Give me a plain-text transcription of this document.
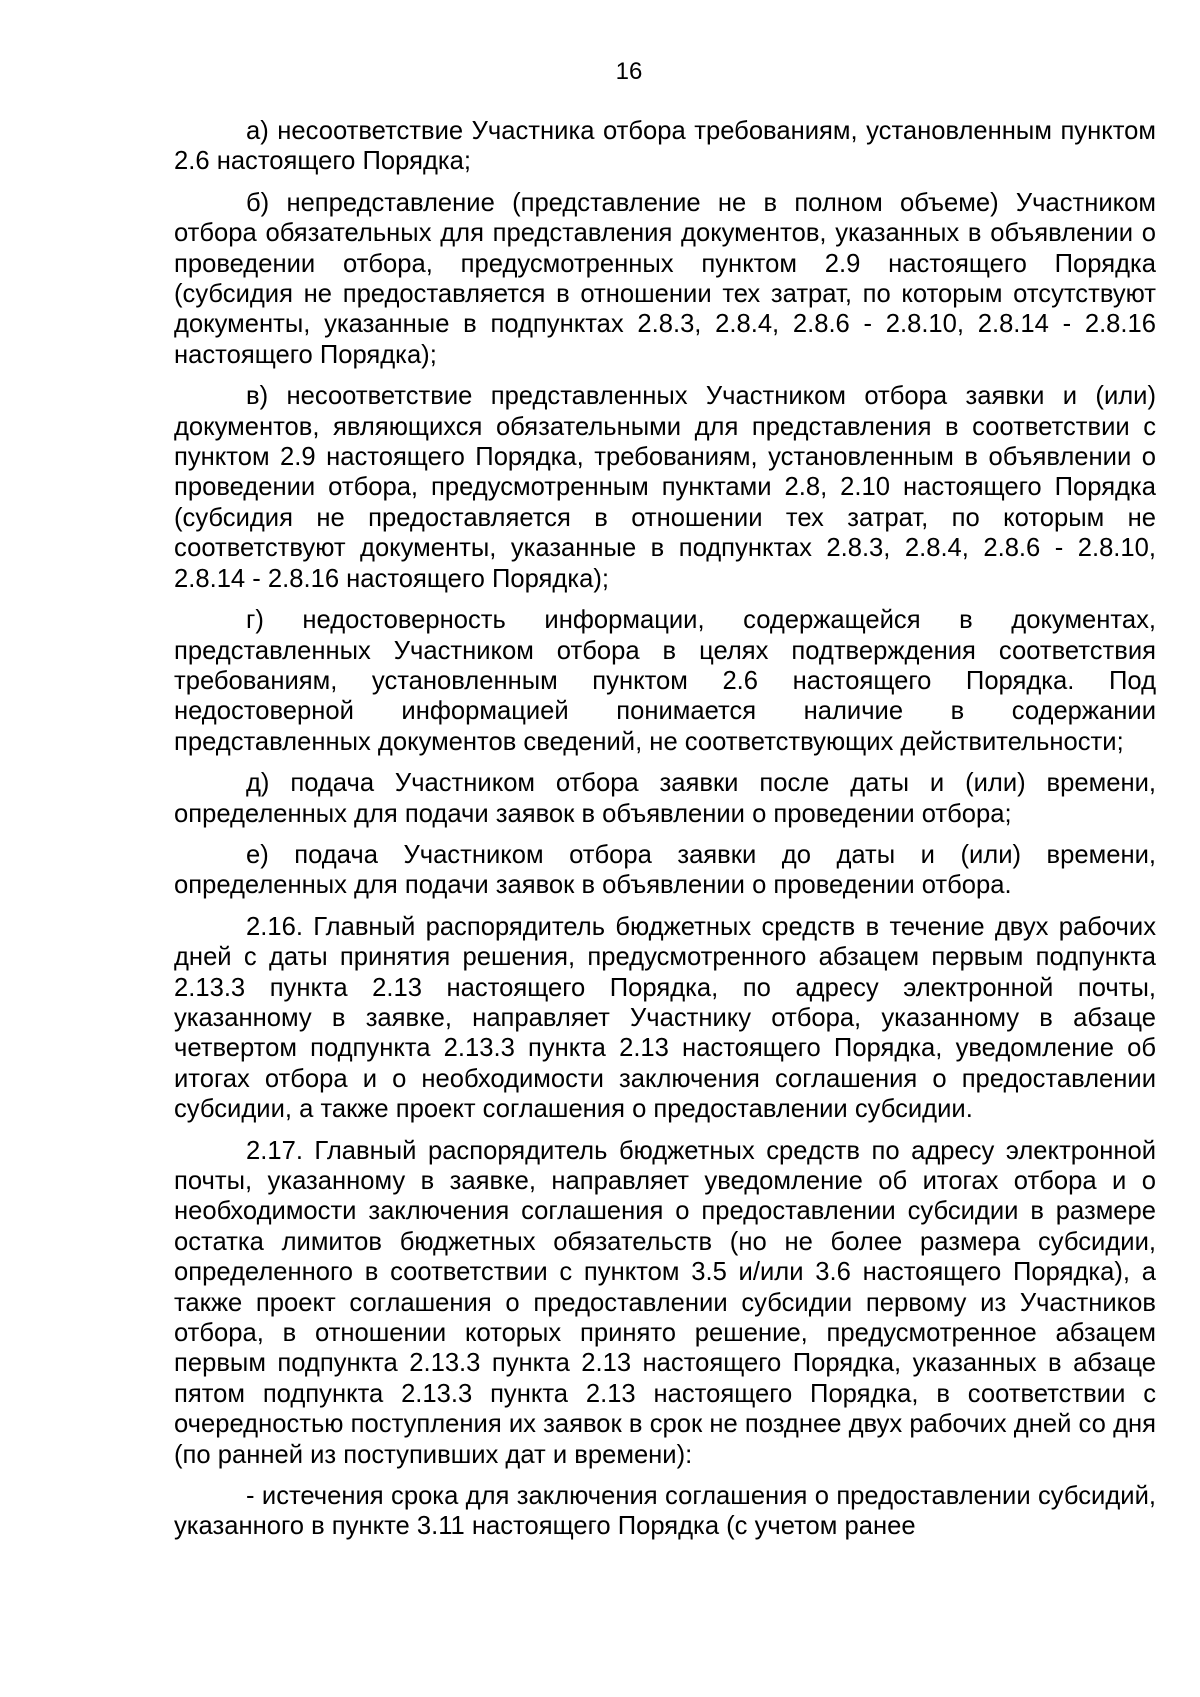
16

а) несоответствие Участника отбора требованиям, установленным пунктом 2.6 настоящего Порядка;

б) непредставление (представление не в полном объеме) Участником отбора обязательных для представления документов, указанных в объявлении о проведении отбора, предусмотренных пунктом 2.9 настоящего Порядка (субсидия не предоставляется в отношении тех затрат, по которым отсутствуют документы, указанные в подпунктах 2.8.3, 2.8.4, 2.8.6 - 2.8.10, 2.8.14 - 2.8.16 настоящего Порядка);

в) несоответствие представленных Участником отбора заявки и (или) документов, являющихся обязательными для представления в соответствии с пунктом 2.9 настоящего Порядка, требованиям, установленным в объявлении о проведении отбора, предусмотренным пунктами 2.8, 2.10 настоящего Порядка (субсидия не предоставляется в отношении тех затрат, по которым не соответствуют документы, указанные в подпунктах 2.8.3, 2.8.4, 2.8.6 - 2.8.10, 2.8.14 - 2.8.16 настоящего Порядка);

г) недостоверность информации, содержащейся в документах, представленных Участником отбора в целях подтверждения соответствия требованиям, установленным пунктом 2.6 настоящего Порядка. Под недостоверной информацией понимается наличие в содержании представленных документов сведений, не соответствующих действительности;

д) подача Участником отбора заявки после даты и (или) времени, определенных для подачи заявок в объявлении о проведении отбора;

е) подача Участником отбора заявки до даты и (или) времени, определенных для подачи заявок в объявлении о проведении отбора.

2.16. Главный распорядитель бюджетных средств в течение двух рабочих дней с даты принятия решения, предусмотренного абзацем первым подпункта 2.13.3 пункта 2.13 настоящего Порядка, по адресу электронной почты, указанному в заявке, направляет Участнику отбора, указанному в абзаце четвертом подпункта 2.13.3 пункта 2.13 настоящего Порядка, уведомление об итогах отбора и о необходимости заключения соглашения о предоставлении субсидии, а также проект соглашения о предоставлении субсидии.

2.17. Главный распорядитель бюджетных средств по адресу электронной почты, указанному в заявке, направляет уведомление об итогах отбора и о необходимости заключения соглашения о предоставлении субсидии в размере остатка лимитов бюджетных обязательств (но не более размера субсидии, определенного в соответствии с пунктом 3.5 и/или 3.6 настоящего Порядка), а также проект соглашения о предоставлении субсидии первому из Участников отбора, в отношении которых принято решение, предусмотренное абзацем первым подпункта 2.13.3 пункта 2.13 настоящего Порядка, указанных в абзаце пятом подпункта 2.13.3 пункта 2.13 настоящего Порядка, в соответствии с очередностью поступления их заявок в срок не позднее двух рабочих дней со дня (по ранней из поступивших дат и времени):

- истечения срока для заключения соглашения о предоставлении субсидий, указанного в пункте 3.11 настоящего Порядка (с учетом ранее
